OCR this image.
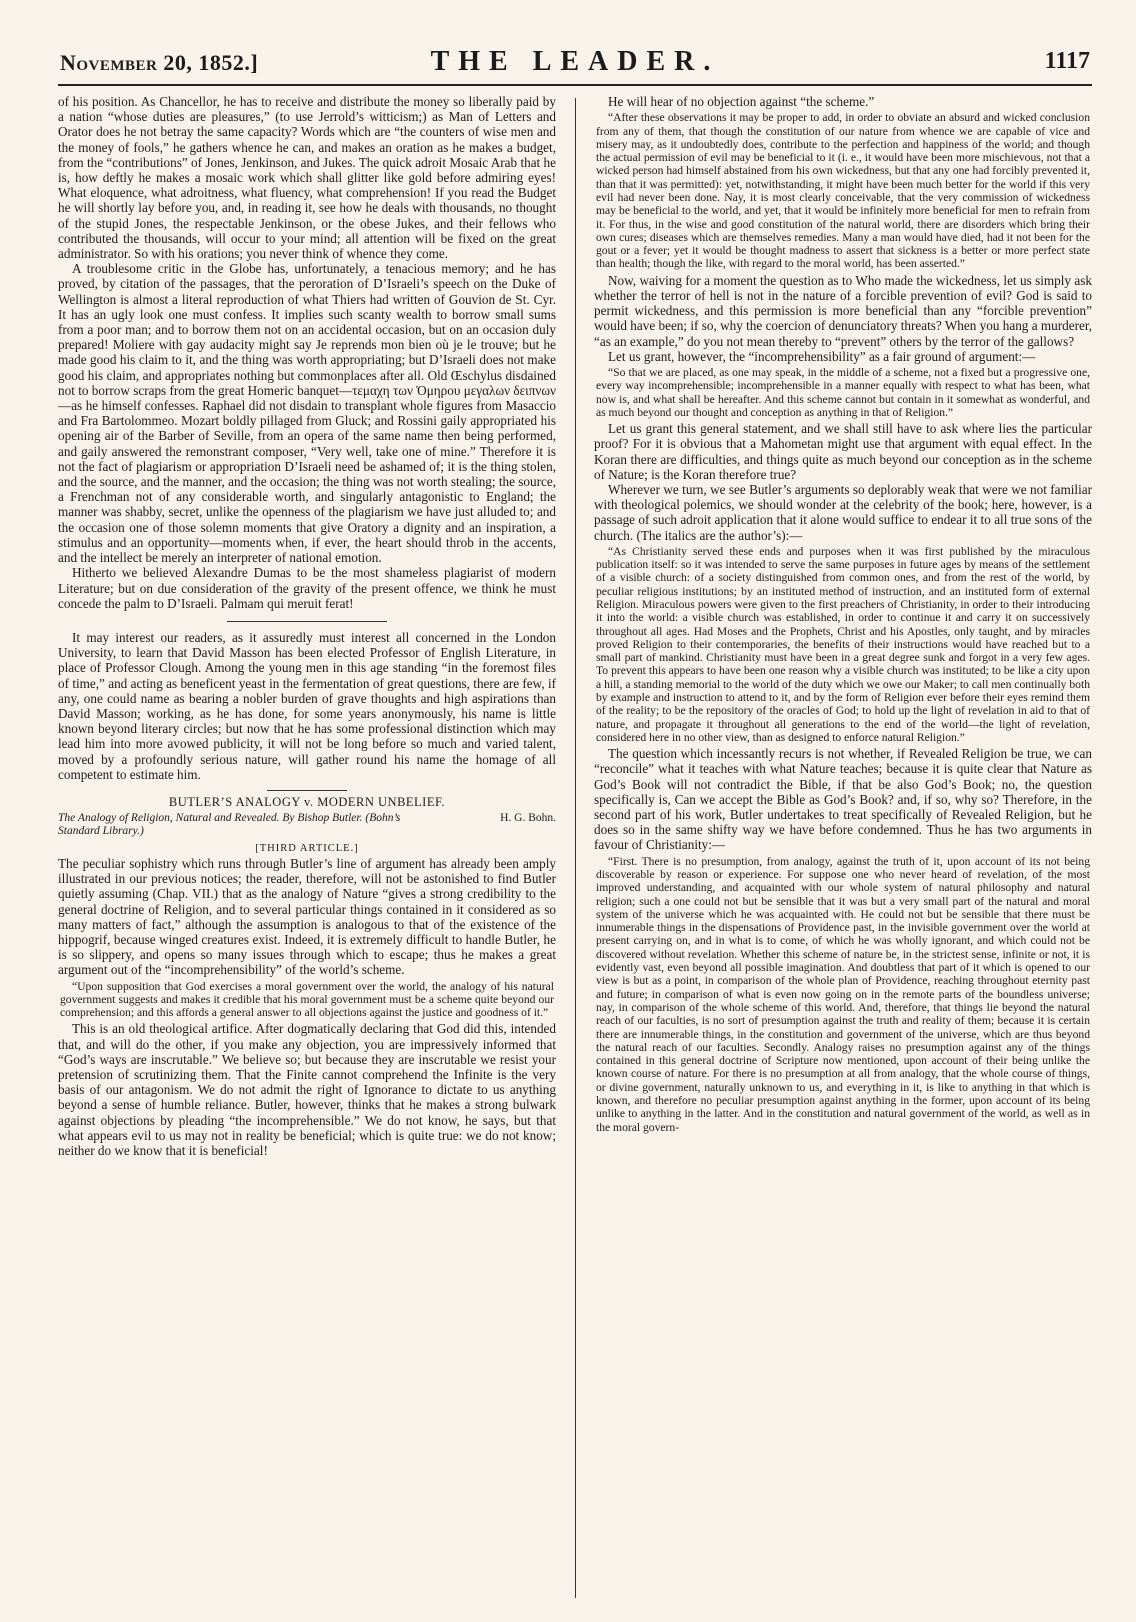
November 20, 1852.]	THE LEADER.	1117

of his position. As Chancellor, he has to receive and distribute the money so liberally paid by a nation “whose duties are pleasures,” (to use Jerrold’s witticism;) as Man of Letters and Orator does he not betray the same capacity? Words which are “the counters of wise men and the money of fools,” he gathers whence he can, and makes an oration as he makes a budget, from the “contributions” of Jones, Jenkinson, and Jukes. The quick adroit Mosaic Arab that he is, how deftly he makes a mosaic work which shall glitter like gold before admiring eyes! What eloquence, what adroitness, what fluency, what comprehension! If you read the Budget he will shortly lay before you, and, in reading it, see how he deals with thousands, no thought of the stupid Jones, the respectable Jenkinson, or the obese Jukes, and their fellows who contributed the thousands, will occur to your mind; all attention will be fixed on the great administrator. So with his orations; you never think of whence they come.

A troublesome critic in the Globe has, unfortunately, a tenacious memory; and he has proved, by citation of the passages, that the peroration of D’Israeli’s speech on the Duke of Wellington is almost a literal reproduction of what Thiers had written of Gouvion de St. Cyr. It has an ugly look one must confess. It implies such scanty wealth to borrow small sums from a poor man; and to borrow them not on an accidental occasion, but on an occasion duly prepared! Moliere with gay audacity might say Je reprends mon bien où je le trouve; but he made good his claim to it, and the thing was worth appropriating; but D’Israeli does not make good his claim, and appropriates nothing but commonplaces after all. Old Œschylus disdained not to borrow scraps from the great Homeric banquet—τεμαχη των Ὁμηρου μεγαλων δειπνων—as he himself confesses. Raphael did not disdain to transplant whole figures from Masaccio and Fra Bartolommeo. Mozart boldly pillaged from Gluck; and Rossini gaily appropriated his opening air of the Barber of Seville, from an opera of the same name then being performed, and gaily answered the remonstrant composer, “Very well, take one of mine.” Therefore it is not the fact of plagiarism or appropriation D’Israeli need be ashamed of; it is the thing stolen, and the source, and the manner, and the occasion; the thing was not worth stealing; the source, a Frenchman not of any considerable worth, and singularly antagonistic to England; the manner was shabby, secret, unlike the openness of the plagiarism we have just alluded to; and the occasion one of those solemn moments that give Oratory a dignity and an inspiration, a stimulus and an opportunity—moments when, if ever, the heart should throb in the accents, and the intellect be merely an interpreter of national emotion.

Hitherto we believed Alexandre Dumas to be the most shameless plagiarist of modern Literature; but on due consideration of the gravity of the present offence, we think he must concede the palm to D’Israeli. Palmam qui meruit ferat!

It may interest our readers, as it assuredly must interest all concerned in the London University, to learn that David Masson has been elected Professor of English Literature, in place of Professor Clough. Among the young men in this age standing “in the foremost files of time,” and acting as beneficent yeast in the fermentation of great questions, there are few, if any, one could name as bearing a nobler burden of grave thoughts and high aspirations than David Masson; working, as he has done, for some years anonymously, his name is little known beyond literary circles; but now that he has some professional distinction which may lead him into more avowed publicity, it will not be long before so much and varied talent, moved by a profoundly serious nature, will gather round his name the homage of all competent to estimate him.

BUTLER’S ANALOGY v. MODERN UNBELIEF.
The Analogy of Religion, Natural and Revealed. By Bishop Butler. (Bohn’s Standard Library.)
H. G. Bohn.
[THIRD ARTICLE.]

The peculiar sophistry which runs through Butler’s line of argument has already been amply illustrated in our previous notices; the reader, therefore, will not be astonished to find Butler quietly assuming (Chap. VII.) that as the analogy of Nature “gives a strong credibility to the general doctrine of Religion, and to several particular things contained in it considered as so many matters of fact,” although the assumption is analogous to that of the existence of the hippogrif, because winged creatures exist. Indeed, it is extremely difficult to handle Butler, he is so slippery, and opens so many issues through which to escape; thus he makes a great argument out of the “incomprehensibility” of the world’s scheme.

“Upon supposition that God exercises a moral government over the world, the analogy of his natural government suggests and makes it credible that his moral government must be a scheme quite beyond our comprehension; and this affords a general answer to all objections against the justice and goodness of it.”

This is an old theological artifice. After dogmatically declaring that God did this, intended that, and will do the other, if you make any objection, you are impressively informed that “God’s ways are inscrutable.” We believe so; but because they are inscrutable we resist your pretension of scrutinizing them. That the Finite cannot comprehend the Infinite is the very basis of our antagonism. We do not admit the right of Ignorance to dictate to us anything beyond a sense of humble reliance. Butler, however, thinks that he makes a strong bulwark against objections by pleading “the incomprehensible.” We do not know, he says, but that what appears evil to us may not in reality be beneficial; which is quite true: we do not know; neither do we know that it is beneficial!

He will hear of no objection against “the scheme.”

“After these observations it may be proper to add, in order to obviate an absurd and wicked conclusion from any of them, that though the constitution of our nature from whence we are capable of vice and misery may, as it undoubtedly does, contribute to the perfection and happiness of the world; and though the actual permission of evil may be beneficial to it (i. e., it would have been more mischievous, not that a wicked person had himself abstained from his own wickedness, but that any one had forcibly prevented it, than that it was permitted): yet, notwithstanding, it might have been much better for the world if this very evil had never been done. Nay, it is most clearly conceivable, that the very commission of wickedness may be beneficial to the world, and yet, that it would be infinitely more beneficial for men to refrain from it. For thus, in the wise and good constitution of the natural world, there are disorders which bring their own cures; diseases which are themselves remedies. Many a man would have died, had it not been for the gout or a fever; yet it would be thought madness to assert that sickness is a better or more perfect state than health; though the like, with regard to the moral world, has been asserted.”

Now, waiving for a moment the question as to Who made the wickedness, let us simply ask whether the terror of hell is not in the nature of a forcible prevention of evil? God is said to permit wickedness, and this permission is more beneficial than any “forcible prevention” would have been; if so, why the coercion of denunciatory threats? When you hang a murderer, “as an example,” do you not mean thereby to “prevent” others by the terror of the gallows?

Let us grant, however, the “incomprehensibility” as a fair ground of argument:—

“So that we are placed, as one may speak, in the middle of a scheme, not a fixed but a progressive one, every way incomprehensible; incomprehensible in a manner equally with respect to what has been, what now is, and what shall be hereafter. And this scheme cannot but contain in it somewhat as wonderful, and as much beyond our thought and conception as anything in that of Religion.”

Let us grant this general statement, and we shall still have to ask where lies the particular proof? For it is obvious that a Mahometan might use that argument with equal effect. In the Koran there are difficulties, and things quite as much beyond our conception as in the scheme of Nature; is the Koran therefore true?

Wherever we turn, we see Butler’s arguments so deplorably weak that were we not familiar with theological polemics, we should wonder at the celebrity of the book; here, however, is a passage of such adroit application that it alone would suffice to endear it to all true sons of the church. (The italics are the author’s):—

“As Christianity served these ends and purposes when it was first published by the miraculous publication itself: so it was intended to serve the same purposes in future ages by means of the settlement of a visible church: of a society distinguished from common ones, and from the rest of the world, by peculiar religious institutions; by an instituted method of instruction, and an instituted form of external Religion. Miraculous powers were given to the first preachers of Christianity, in order to their introducing it into the world: a visible church was established, in order to continue it and carry it on successively throughout all ages. Had Moses and the Prophets, Christ and his Apostles, only taught, and by miracles proved Religion to their contemporaries, the benefits of their instructions would have reached but to a small part of mankind. Christianity must have been in a great degree sunk and forgot in a very few ages. To prevent this appears to have been one reason why a visible church was instituted; to be like a city upon a hill, a standing memorial to the world of the duty which we owe our Maker; to call men continually both by example and instruction to attend to it, and by the form of Religion ever before their eyes remind them of the reality; to be the repository of the oracles of God; to hold up the light of revelation in aid to that of nature, and propagate it throughout all generations to the end of the world—the light of revelation, considered here in no other view, than as designed to enforce natural Religion.”

The question which incessantly recurs is not whether, if Revealed Religion be true, we can “reconcile” what it teaches with what Nature teaches; because it is quite clear that Nature as God’s Book will not contradict the Bible, if that be also God’s Book; no, the question specifically is, Can we accept the Bible as God’s Book? and, if so, why so? Therefore, in the second part of his work, Butler undertakes to treat specifically of Revealed Religion, but he does so in the same shifty way we have before condemned. Thus he has two arguments in favour of Christianity:—

“First. There is no presumption, from analogy, against the truth of it, upon account of its not being discoverable by reason or experience. For suppose one who never heard of revelation, of the most improved understanding, and acquainted with our whole system of natural philosophy and natural religion; such a one could not but be sensible that it was but a very small part of the natural and moral system of the universe which he was acquainted with. He could not but be sensible that there must be innumerable things in the dispensations of Providence past, in the invisible government over the world at present carrying on, and in what is to come, of which he was wholly ignorant, and which could not be discovered without revelation. Whether this scheme of nature be, in the strictest sense, infinite or not, it is evidently vast, even beyond all possible imagination. And doubtless that part of it which is opened to our view is but as a point, in comparison of the whole plan of Providence, reaching throughout eternity past and future; in comparison of what is even now going on in the remote parts of the boundless universe; nay, in comparison of the whole scheme of this world. And, therefore, that things lie beyond the natural reach of our faculties, is no sort of presumption against the truth and reality of them; because it is certain there are innumerable things, in the constitution and government of the universe, which are thus beyond the natural reach of our faculties. Secondly. Analogy raises no presumption against any of the things contained in this general doctrine of Scripture now mentioned, upon account of their being unlike the known course of nature. For there is no presumption at all from analogy, that the whole course of things, or divine government, naturally unknown to us, and everything in it, is like to anything in that which is known, and therefore no peculiar presumption against anything in the former, upon account of its being unlike to anything in the latter. And in the constitution and natural government of the world, as well as in the moral govern-
